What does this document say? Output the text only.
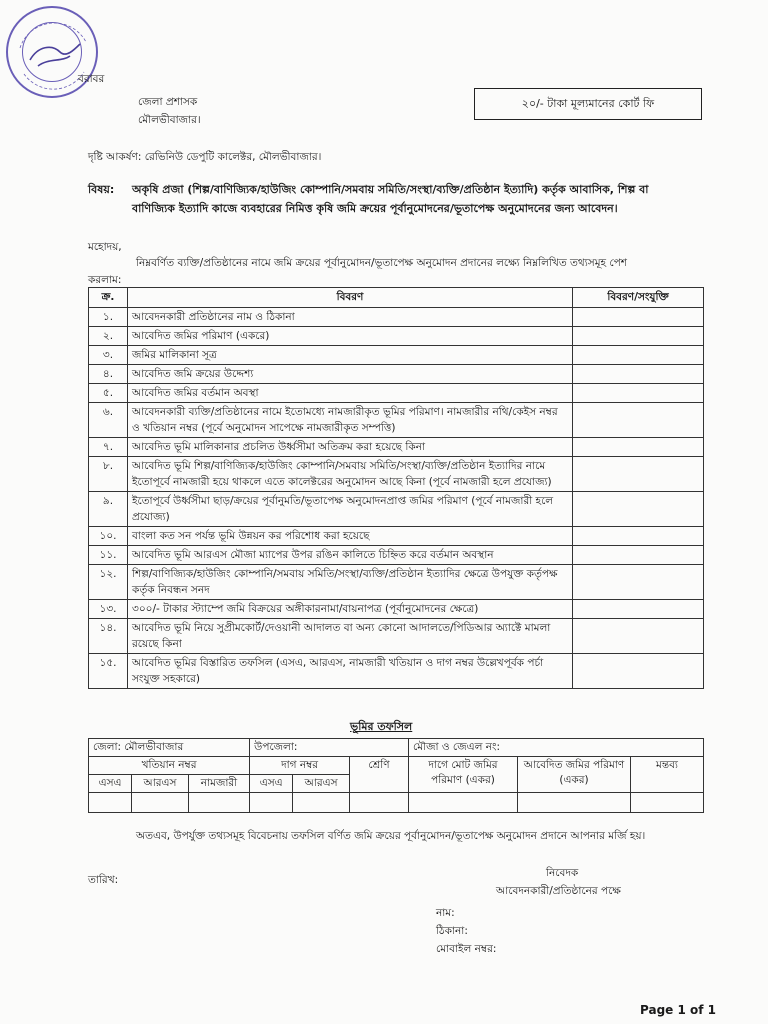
বরাবর
জেলা প্রশাসক
মৌলভীবাজার।
২০/- টাকা মূল্যমানের কোর্ট ফি
দৃষ্টি আকর্ষণ: রেভিনিউ ডেপুটি কালেক্টর, মৌলভীবাজার।
বিষয়: অকৃষি প্রজা (শিল্প/বাণিজ্যিক/হাউজিং কোম্পানি/সমবায় সমিতি/সংস্থা/ব্যক্তি/প্রতিষ্ঠান ইত্যাদি) কর্তৃক আবাসিক, শিল্প বা
বাণিজ্যিক ইত্যাদি কাজে ব্যবহারের নিমিত্ত কৃষি জমি ক্রয়ের পূর্বানুমোদনের/ভূতাপেক্ষ অনুমোদনের জন্য আবেদন।
মহোদয়,
নিম্নবর্ণিত ব্যক্তি/প্রতিষ্ঠানের নামে জমি ক্রয়ের পূর্বানুমোদন/ভূতাপেক্ষ অনুমোদন প্রদানের লক্ষ্যে নিম্নলিখিত তথ্যসমূহ পেশ
করলাম:
ক্র.	বিবরণ	বিবরণ/সংযুক্তি
১.	আবেদনকারী প্রতিষ্ঠানের নাম ও ঠিকানা	
২.	আবেদিত জমির পরিমাণ (একরে)	
৩.	জমির মালিকানা সূত্র	
৪.	আবেদিত জমি ক্রয়ের উদ্দেশ্য	
৫.	আবেদিত জমির বর্তমান অবস্থা	
৬.	আবেদনকারী ব্যক্তি/প্রতিষ্ঠানের নামে ইতোমধ্যে নামজারীকৃত ভূমির পরিমাণ। নামজারীর নথি/কেইস নম্বর ও খতিয়ান নম্বর (পূর্বে অনুমোদন সাপেক্ষে নামজারীকৃত সম্পত্তি)	
৭.	আবেদিত ভূমি মালিকানার প্রচলিত উর্ধ্বসীমা অতিক্রম করা হয়েছে কিনা	
৮.	আবেদিত ভূমি শিল্প/বাণিজ্যিক/হাউজিং কোম্পানি/সমবায় সমিতি/সংস্থা/ব্যক্তি/প্রতিষ্ঠান ইত্যাদির নামে ইতোপূর্বে নামজারী হয়ে থাকলে এতে কালেক্টরের অনুমোদন আছে কিনা (পূর্বে নামজারী হলে প্রযোজ্য)	
৯.	ইতোপূর্বে উর্ধ্বসীমা ছাড়/ক্রয়ের পূর্বানুমতি/ভূতাপেক্ষ অনুমোদনপ্রাপ্ত জমির পরিমাণ (পূর্বে নামজারী হলে প্রযোজ্য)	
১০.	বাংলা কত সন পর্যন্ত ভূমি উন্নয়ন কর পরিশোধ করা হয়েছে	
১১.	আবেদিত ভূমি আরএস মৌজা ম্যাপের উপর রঙিন কালিতে চিহ্নিত করে বর্তমান অবস্থান	
১২.	শিল্প/বাণিজ্যিক/হাউজিং কোম্পানি/সমবায় সমিতি/সংস্থা/ব্যক্তি/প্রতিষ্ঠান ইত্যাদির ক্ষেত্রে উপযুক্ত কর্তৃপক্ষ কর্তৃক নিবন্ধন সনদ	
১৩.	৩০০/- টাকার স্ট্যাম্পে জমি বিক্রয়ের অঙ্গীকারনামা/বায়নাপত্র (পূর্বানুমোদনের ক্ষেত্রে)	
১৪.	আবেদিত ভূমি নিয়ে সুপ্রীমকোর্ট/দেওয়ানী আদালত বা অন্য কোনো আদালতে/পিডিআর অ্যাক্টে মামলা রয়েছে কিনা	
১৫.	আবেদিত ভূমির বিস্তারিত তফসিল (এসএ, আরএস, নামজারী খতিয়ান ও দাগ নম্বর উল্লেখপূর্বক পর্চা সংযুক্ত সহকারে)	
ভূমির তফসিল
জেলা: মৌলভীবাজার			উপজেলা:			মৌজা ও জেএল নং:		
খতিয়ান নম্বর			দাগ নম্বর		শ্রেণি	দাগে মোট জমির পরিমাণ (একর)	আবেদিত জমির পরিমাণ (একর)	মন্তব্য
এসএ	আরএস	নামজারী	এসএ	আরএস				

অতএব, উপর্যুক্ত তথ্যসমূহ বিবেচনায় তফসিল বর্ণিত জমি ক্রয়ের পূর্বানুমোদন/ভূতাপেক্ষ অনুমোদন প্রদানে আপনার মর্জি হয়।
তারিখ:
নিবেদক
আবেদনকারী/প্রতিষ্ঠানের পক্ষে
নাম:
ঠিকানা:
মোবাইল নম্বর:
Page 1 of 1
